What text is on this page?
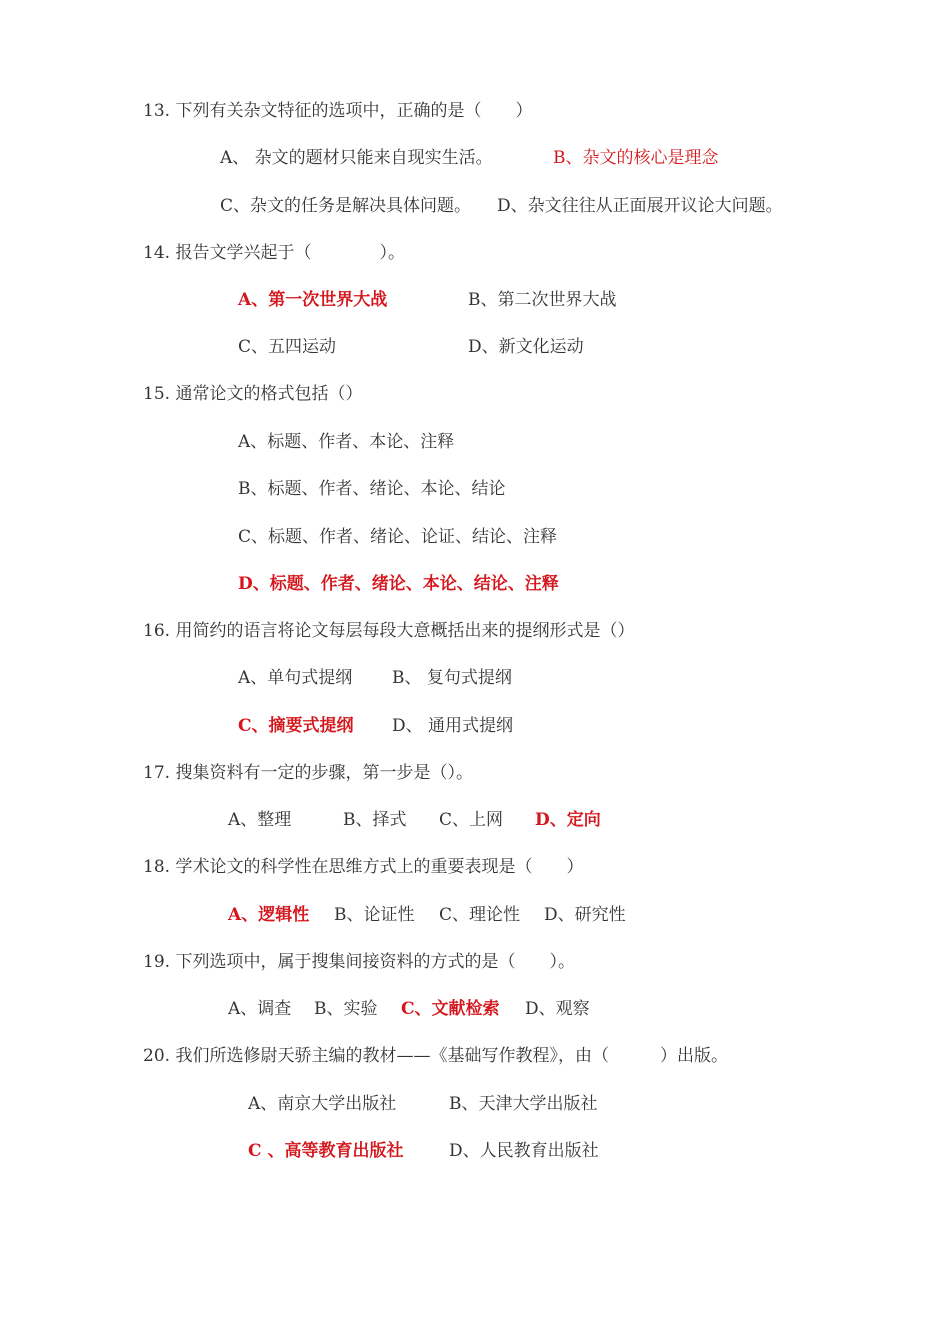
13. 下列有关杂文特征的选项中，正确的是（　　）
A、 杂文的题材只能来自现实生活。	B、杂文的核心是理念
C、杂文的任务是解决具体问题。 D、杂文往往从正面展开议论大问题。
14. 报告文学兴起于（　　　　）。
A、第一次世界大战	B、第二次世界大战
C、五四运动	D、新文化运动
15. 通常论文的格式包括（）
A、标题、作者、本论、注释
B、标题、作者、绪论、本论、结论
C、标题、作者、绪论、论证、结论、注释
D、标题、作者、绪论、本论、结论、注释
16. 用简约的语言将论文每层每段大意概括出来的提纲形式是（）
A、单句式提纲 B、 复句式提纲
C、摘要式提纲 D、 通用式提纲
17. 搜集资料有一定的步骤，第一步是（）。
A、整理	B、择式 C、上网 D、定向
18. 学术论文的科学性在思维方式上的重要表现是（　　）
A、逻辑性 B、论证性 C、理论性 D、研究性
19. 下列选项中，属于搜集间接资料的方式的是（　　）。
A、调查 B、实验 C、文献检索 D、观察
20. 我们所选修尉天骄主编的教材——《基础写作教程》，由（　　　）出版。
A、南京大学出版社	B、天津大学出版社
C 、高等教育出版社	D、人民教育出版社
